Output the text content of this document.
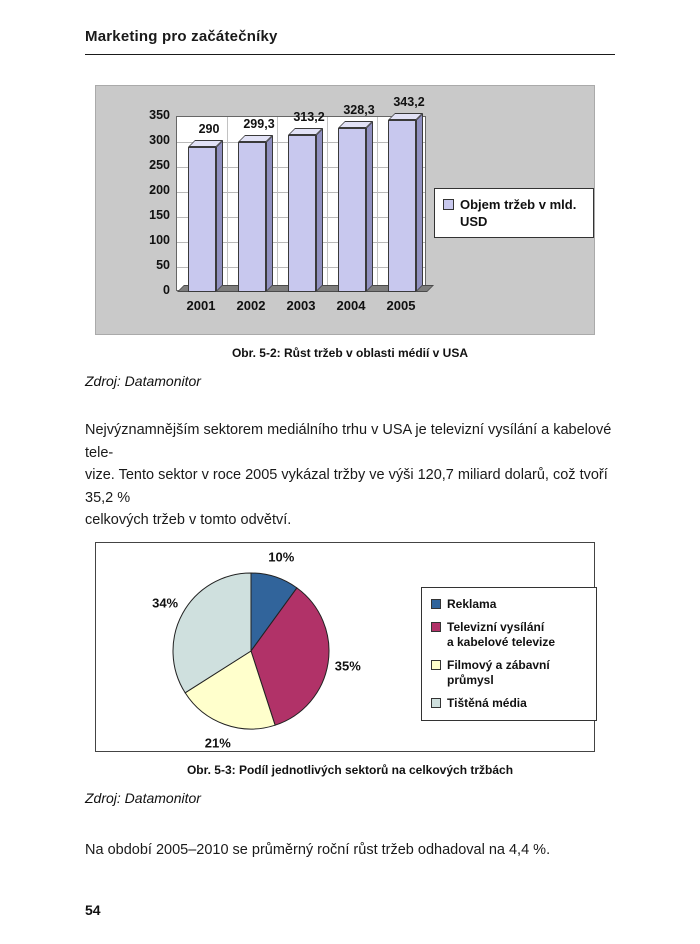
Marketing pro začátečníky
0
50
100
150
200
250
300
350
290 299,3 313,2
328,3
343,2
2001	2002	2003	2004	2005
Objem tržeb v mld.
USD
Obr. 5-2: Růst tržeb v oblasti médií v USA
Zdroj: Datamonitor
Nejvýznamnějším sektorem mediálního trhu v USA je televizní vysílání a kabelové tele-
vize. Tento sektor v roce 2005 vykázal tržby ve výši 120,7 miliard dolarů, což tvoří 35,2 %
celkových tržeb v tomto odvětví.
Reklama
Televizní vysílání
a kabelové televize
Filmový a zábavní
průmysl
Tištěná média
10%
35%
21%
34%
Obr. 5-3: Podíl jednotlivých sektorů na celkových tržbách
Zdroj: Datamonitor
Na období 2005–2010 se průměrný roční růst tržeb odhadoval na 4,4 %.
54
